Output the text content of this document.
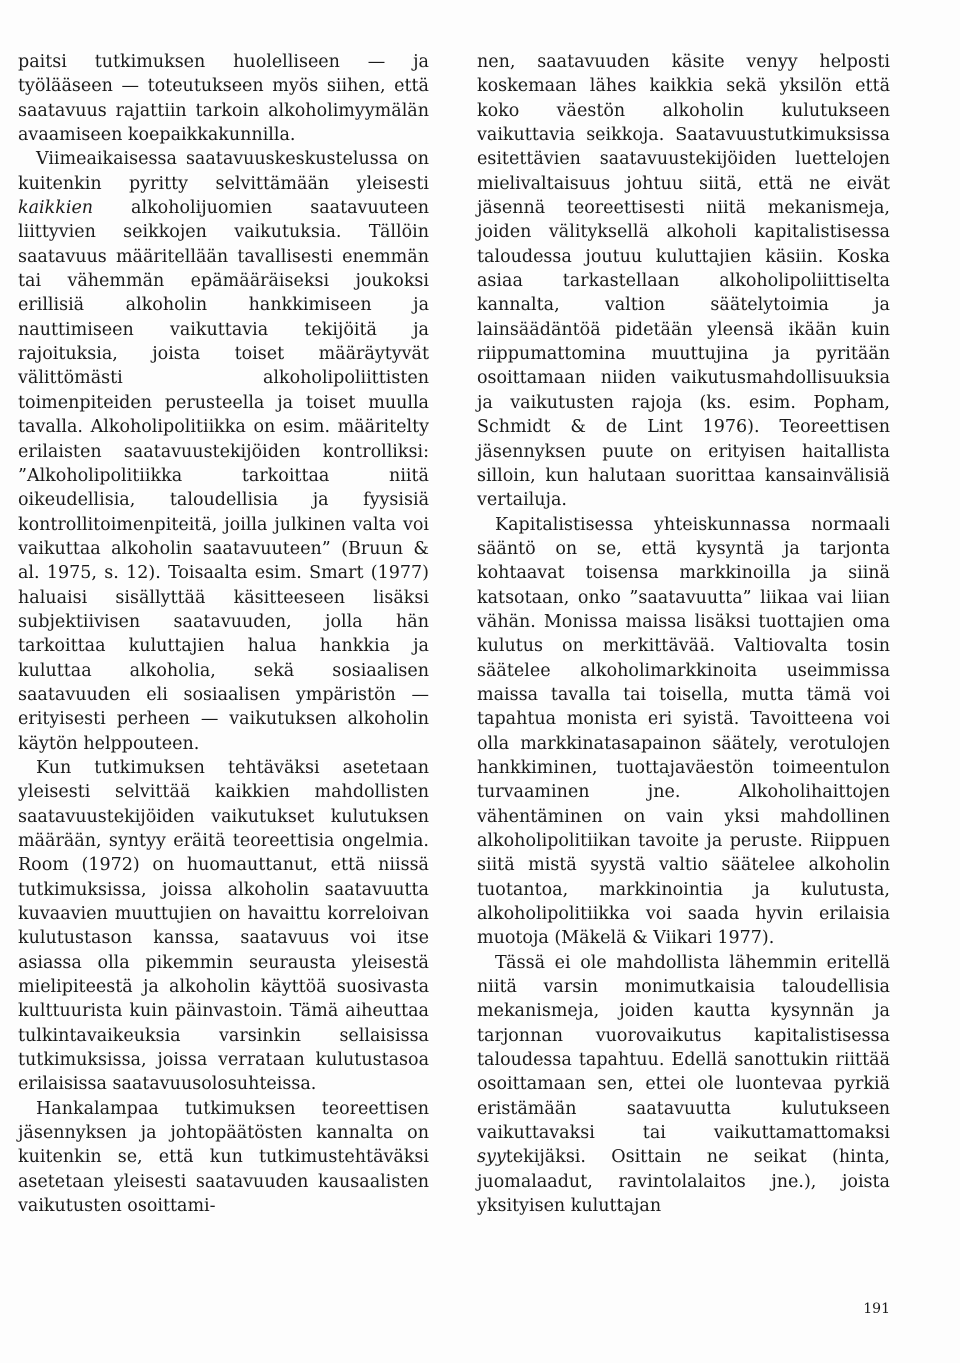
paitsi tutkimuksen huolelliseen — ja työlääseen — toteutukseen myös siihen, että saatavuus rajattiin tarkoin alkoholimyymälän avaamiseen koepaikkakunnilla.

Viimeaikaisessa saatavuuskeskustelussa on kuitenkin pyritty selvittämään yleisesti kaikkien alkoholijuomien saatavuuteen liittyvien seikkojen vaikutuksia. Tällöin saatavuus määritellään tavallisesti enemmän tai vähemmän epämääräiseksi joukoksi erillisiä alkoholin hankkimiseen ja nauttimiseen vaikuttavia tekijöitä ja rajoituksia, joista toiset määräytyvät välittömästi alkoholipoliittisten toimenpiteiden perusteella ja toiset muulla tavalla. Alkoholipolitiikka on esim. määritelty erilaisten saatavuustekijöiden kontrolliksi: ”Alkoholipolitiikka tarkoittaa niitä oikeudellisia, taloudellisia ja fyysisiä kontrollitoimenpiteitä, joilla julkinen valta voi vaikuttaa alkoholin saatavuuteen” (Bruun & al. 1975, s. 12). Toisaalta esim. Smart (1977) haluaisi sisällyttää käsitteeseen lisäksi subjektiivisen saatavuuden, jolla hän tarkoittaa kuluttajien halua hankkia ja kuluttaa alkoholia, sekä sosiaalisen saatavuuden eli sosiaalisen ympäristön — erityisesti perheen — vaikutuksen alkoholin käytön helppouteen.

Kun tutkimuksen tehtäväksi asetetaan yleisesti selvittää kaikkien mahdollisten saatavuustekijöiden vaikutukset kulutuksen määrään, syntyy eräitä teoreettisia ongelmia. Room (1972) on huomauttanut, että niissä tutkimuksissa, joissa alkoholin saatavuutta kuvaavien muuttujien on havaittu korreloivan kulutustason kanssa, saatavuus voi itse asiassa olla pikemmin seurausta yleisestä mielipiteestä ja alkoholin käyttöä suosivasta kulttuurista kuin päinvastoin. Tämä aiheuttaa tulkintavaikeuksia varsinkin sellaisissa tutkimuksissa, joissa verrataan kulutustasoa erilaisissa saatavuusolosuhteissa.

Hankalampaa tutkimuksen teoreettisen jäsennyksen ja johtopäätösten kannalta on kuitenkin se, että kun tutkimustehtäväksi asetetaan yleisesti saatavuuden kausaalisten vaikutusten osoittami-

nen, saatavuuden käsite venyy helposti koskemaan lähes kaikkia sekä yksilön että koko väestön alkoholin kulutukseen vaikuttavia seikkoja. Saatavuustutkimuksissa esitettävien saatavuustekijöiden luettelojen mielivaltaisuus johtuu siitä, että ne eivät jäsennä teoreettisesti niitä mekanismeja, joiden välityksellä alkoholi kapitalistisessa taloudessa joutuu kuluttajien käsiin. Koska asiaa tarkastellaan alkoholipoliittiselta kannalta, valtion säätelytoimia ja lainsäädäntöä pidetään yleensä ikään kuin riippumattomina muuttujina ja pyritään osoittamaan niiden vaikutusmahdollisuuksia ja vaikutusten rajoja (ks. esim. Popham, Schmidt & de Lint 1976). Teoreettisen jäsennyksen puute on erityisen haitallista silloin, kun halutaan suorittaa kansainvälisiä vertailuja.

Kapitalistisessa yhteiskunnassa normaali sääntö on se, että kysyntä ja tarjonta kohtaavat toisensa markkinoilla ja siinä katsotaan, onko ”saatavuutta” liikaa vai liian vähän. Monissa maissa lisäksi tuottajien oma kulutus on merkittävää. Valtiovalta tosin säätelee alkoholimarkkinoita useimmissa maissa tavalla tai toisella, mutta tämä voi tapahtua monista eri syistä. Tavoitteena voi olla markkinatasapainon säätely, verotulojen hankkiminen, tuottajaväestön toimeentulon turvaaminen jne. Alkoholihaittojen vähentäminen on vain yksi mahdollinen alkoholipolitiikan tavoite ja peruste. Riippuen siitä mistä syystä valtio säätelee alkoholin tuotantoa, markkinointia ja kulutusta, alkoholipolitiikka voi saada hyvin erilaisia muotoja (Mäkelä & Viikari 1977).

Tässä ei ole mahdollista lähemmin eritellä niitä varsin monimutkaisia taloudellisia mekanismeja, joiden kautta kysynnän ja tarjonnan vuorovaikutus kapitalistisessa taloudessa tapahtuu. Edellä sanottukin riittää osoittamaan sen, ettei ole luontevaa pyrkiä eristämään saatavuutta kulutukseen vaikuttavaksi tai vaikuttamattomaksi syytekijäksi. Osittain ne seikat (hinta, juomalaadut, ravintolalaitos jne.), joista yksityisen kuluttajan

191
